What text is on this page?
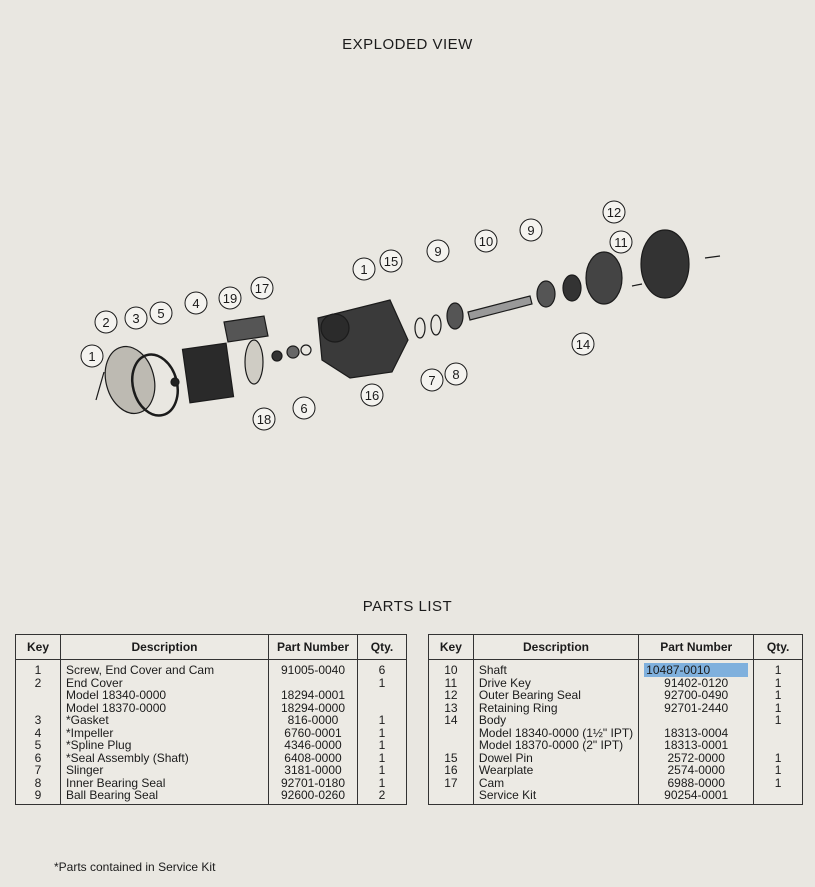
EXPLODED VIEW
1
2 3 5
4 19
17
18
6
1
15
16
9
10
9
7 8
11
12
14
PARTS LIST
Key	Description	Part Number	Qty.
1	Screw, End Cover and Cam	91005-0040	6
2	End Cover		1
	Model 18340-0000	18294-0001	
	Model 18370-0000	18294-0000	
3	*Gasket	816-0000	1
4	*Impeller	6760-0001	1
5	*Spline Plug	4346-0000	1
6	*Seal Assembly (Shaft)	6408-0000	1
7	Slinger	3181-0000	1
8	Inner Bearing Seal	92701-0180	1
9	Ball Bearing Seal	92600-0260	2
Key	Description	Part Number	Qty.
10	Shaft	10487-0010	1
11	Drive Key	91402-0120	1
12	Outer Bearing Seal	92700-0490	1
13	Retaining Ring	92701-2440	1
14	Body		1
	Model 18340-0000 (1½" IPT)	18313-0004	
	Model 18370-0000 (2" IPT)	18313-0001	
15	Dowel Pin	2572-0000	1
16	Wearplate	2574-0000	1
17	Cam	6988-0000	1
	Service Kit	90254-0001	
*Parts contained in Service Kit
